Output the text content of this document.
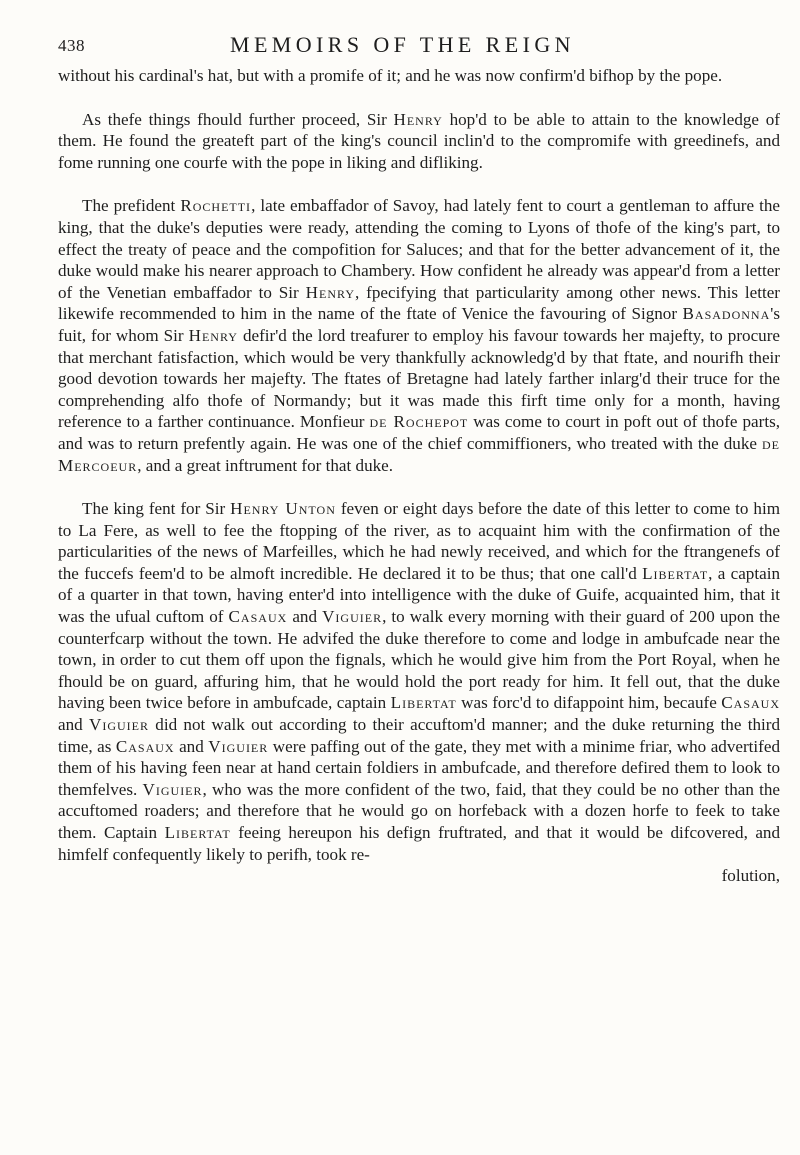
438	MEMOIRS OF THE REIGN

without his cardinal's hat, but with a promife of it; and he was now confirm'd bifhop by the pope.

As thefe things fhould further proceed, Sir Henry hop'd to be able to attain to the knowledge of them. He found the greateft part of the king's council inclin'd to the compromife with greedinefs, and fome running one courfe with the pope in liking and difliking.

The prefident Rochetti, late embaffador of Savoy, had lately fent to court a gentleman to affure the king, that the duke's deputies were ready, attending the coming to Lyons of thofe of the king's part, to effect the treaty of peace and the compofition for Saluces; and that for the better advancement of it, the duke would make his nearer approach to Chambery. How confident he already was appear'd from a letter of the Venetian embaffador to Sir Henry, fpecifying that particularity among other news. This letter likewife recommended to him in the name of the ftate of Venice the favouring of Signor Basadonna's fuit, for whom Sir Henry defir'd the lord treafurer to employ his favour towards her majefty, to procure that merchant fatisfaction, which would be very thankfully acknowledg'd by that ftate, and nourifh their good devotion towards her majefty. The ftates of Bretagne had lately farther inlarg'd their truce for the comprehending alfo thofe of Normandy; but it was made this firft time only for a month, having reference to a farther continuance. Monfieur de Rochepot was come to court in poft out of thofe parts, and was to return prefently again. He was one of the chief commiffioners, who treated with the duke de Mercoeur, and a great inftrument for that duke.

The king fent for Sir Henry Unton feven or eight days before the date of this letter to come to him to La Fere, as well to fee the ftopping of the river, as to acquaint him with the confirmation of the particularities of the news of Marfeilles, which he had newly received, and which for the ftrangenefs of the fuccefs feem'd to be almoft incredible. He declared it to be thus; that one call'd Libertat, a captain of a quarter in that town, having enter'd into intelligence with the duke of Guife, acquainted him, that it was the ufual cuftom of Casaux and Viguier, to walk every morning with their guard of 200 upon the counterfcarp without the town. He advifed the duke therefore to come and lodge in ambufcade near the town, in order to cut them off upon the fignals, which he would give him from the Port Royal, when he fhould be on guard, affuring him, that he would hold the port ready for him. It fell out, that the duke having been twice before in ambufcade, captain Libertat was forc'd to difappoint him, becaufe Casaux and Viguier did not walk out according to their accuftom'd manner; and the duke returning the third time, as Casaux and Viguier were paffing out of the gate, they met with a minime friar, who advertifed them of his having feen near at hand certain foldiers in ambufcade, and therefore defired them to look to themfelves. Viguier, who was the more confident of the two, faid, that they could be no other than the accuftomed roaders; and therefore that he would go on horfeback with a dozen horfe to feek to take them. Captain Libertat feeing hereupon his defign fruftrated, and that it would be difcovered, and himfelf confequently likely to perifh, took re-

folution,
